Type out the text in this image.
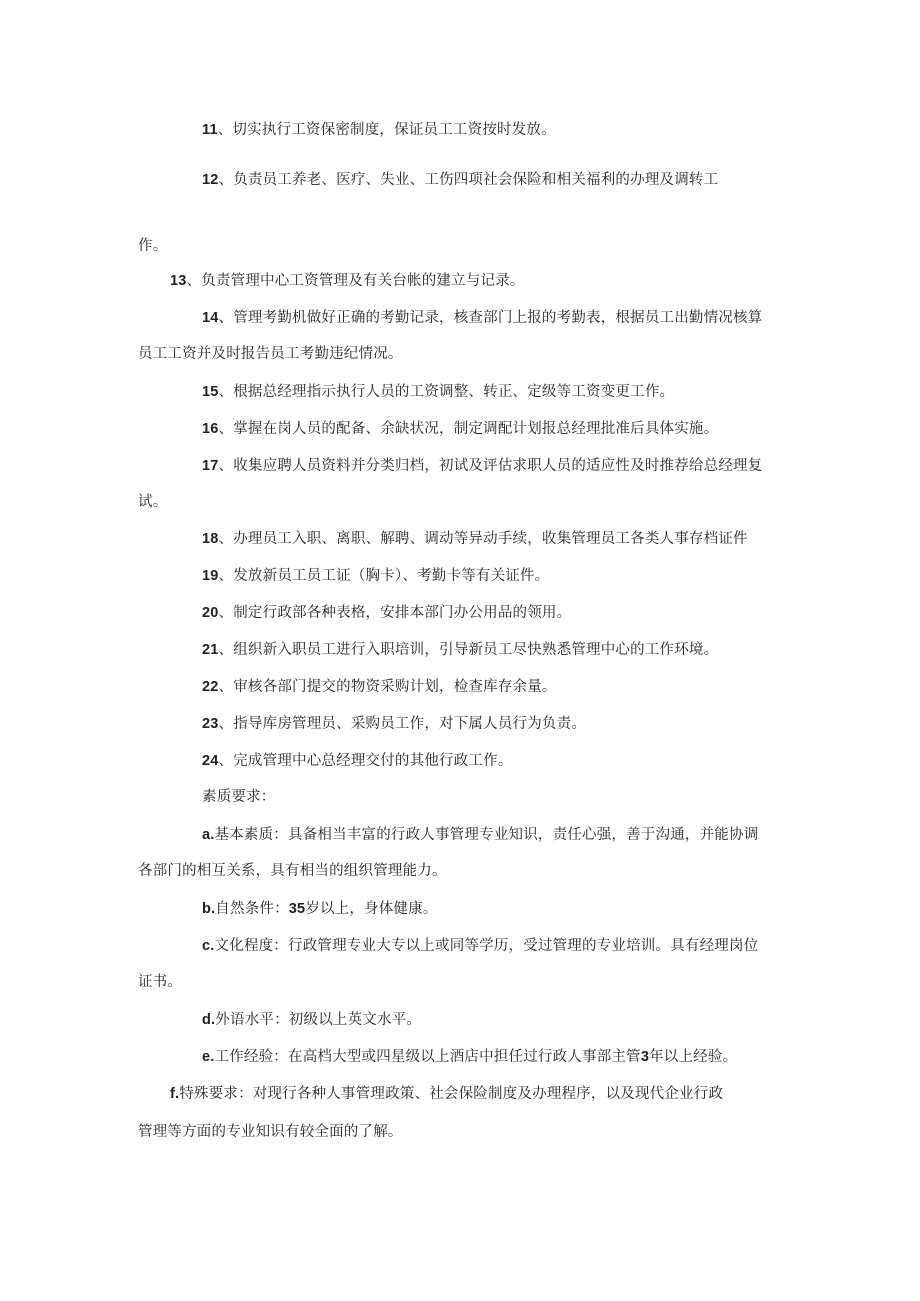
11、切实执行工资保密制度，保证员工工资按时发放。
12、负责员工养老、医疗、失业、工伤四项社会保险和相关福利的办理及调转工
作。
13、负责管理中心工资管理及有关台帐的建立与记录。
14、管理考勤机做好正确的考勤记录，核查部门上报的考勤表，根据员工出勤情况核算
员工工资并及时报告员工考勤违纪情况。
15、根据总经理指示执行人员的工资调整、转正、定级等工资变更工作。
16、掌握在岗人员的配备、余缺状况，制定调配计划报总经理批准后具体实施。
17、收集应聘人员资料并分类归档，初试及评估求职人员的适应性及时推荐给总经理复
试。
18、办理员工入职、离职、解聘、调动等异动手续，收集管理员工各类人事存档证件
19、发放新员工员工证（胸卡）、考勤卡等有关证件。
20、制定行政部各种表格，安排本部门办公用品的领用。
21、组织新入职员工进行入职培训，引导新员工尽快熟悉管理中心的工作环境。
22、审核各部门提交的物资采购计划，检查库存余量。
23、指导库房管理员、采购员工作，对下属人员行为负责。
24、完成管理中心总经理交付的其他行政工作。
素质要求：
a.基本素质：具备相当丰富的行政人事管理专业知识，责任心强，善于沟通，并能协调
各部门的相互关系，具有相当的组织管理能力。
b.自然条件：35岁以上，身体健康。
c.文化程度：行政管理专业大专以上或同等学历，受过管理的专业培训。具有经理岗位
证书。
d.外语水平：初级以上英文水平。
e.工作经验：在高档大型或四星级以上酒店中担任过行政人事部主管3年以上经验。
f.特殊要求：对现行各种人事管理政策、社会保险制度及办理程序，以及现代企业行政
管理等方面的专业知识有较全面的了解。
